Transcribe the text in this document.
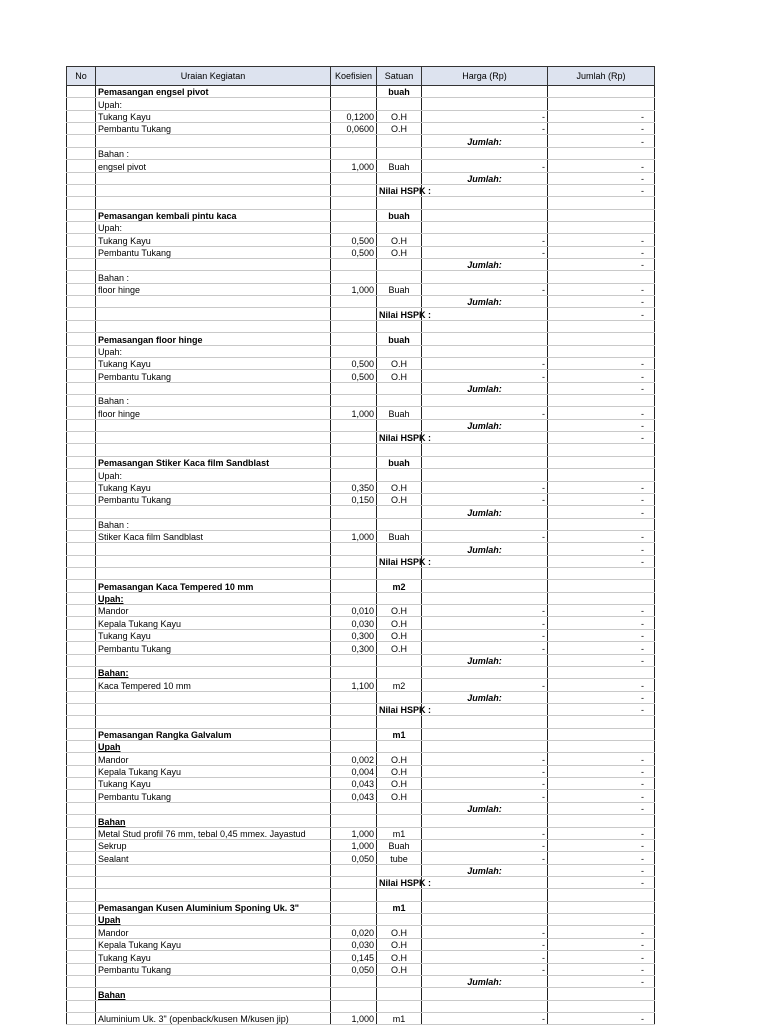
No	Uraian Kegiatan	Koefisien	Satuan	Harga (Rp)	Jumlah (Rp)
	Pemasangan engsel pivot		buah		
	Upah:				
	Tukang Kayu	0,1200	O.H	-	-
	Pembantu Tukang	0,0600	O.H	-	-
				Jumlah:	-
	Bahan :				
	engsel pivot	1,000	Buah	-	-
				Jumlah:	-
			Nilai HSPK :		-

	Pemasangan kembali pintu kaca		buah		
	Upah:				
	Tukang Kayu	0,500	O.H	-	-
	Pembantu Tukang	0,500	O.H	-	-
				Jumlah:	-
	Bahan :				
	floor hinge	1,000	Buah	-	-
				Jumlah:	-
			Nilai HSPK :		-

	Pemasangan floor hinge		buah		
	Upah:				
	Tukang Kayu	0,500	O.H	-	-
	Pembantu Tukang	0,500	O.H	-	-
				Jumlah:	-
	Bahan :				
	floor hinge	1,000	Buah	-	-
				Jumlah:	-
			Nilai HSPK :		-

	Pemasangan Stiker Kaca film Sandblast		buah		
	Upah:				
	Tukang Kayu	0,350	O.H	-	-
	Pembantu Tukang	0,150	O.H	-	-
				Jumlah:	-
	Bahan :				
	Stiker Kaca film Sandblast	1,000	Buah	-	-
				Jumlah:	-
			Nilai HSPK :		-

	Pemasangan Kaca Tempered 10 mm		m2		
	Upah:				
	Mandor	0,010	O.H	-	-
	Kepala Tukang Kayu	0,030	O.H	-	-
	Tukang Kayu	0,300	O.H	-	-
	Pembantu Tukang	0,300	O.H	-	-
				Jumlah:	-
	Bahan:				
	Kaca Tempered 10 mm	1,100	m2	-	-
				Jumlah:	-
			Nilai HSPK :		-

	Pemasangan Rangka Galvalum		m1		
	Upah				
	Mandor	0,002	O.H	-	-
	Kepala Tukang Kayu	0,004	O.H	-	-
	Tukang Kayu	0,043	O.H	-	-
	Pembantu Tukang	0,043	O.H	-	-
				Jumlah:	-
	Bahan				
	Metal Stud profil 76 mm, tebal 0,45 mmex. Jayastud	1,000	m1	-	-
	Sekrup	1,000	Buah	-	-
	Sealant	0,050	tube	-	-
				Jumlah:	-
			Nilai HSPK :		-

	Pemasangan Kusen Aluminium Sponing Uk. 3"		m1		
	Upah				
	Mandor	0,020	O.H	-	-
	Kepala Tukang Kayu	0,030	O.H	-	-
	Tukang Kayu	0,145	O.H	-	-
	Pembantu Tukang	0,050	O.H	-	-
				Jumlah:	-
	Bahan				

	Aluminium Uk. 3" (openback/kusen M/kusen jip)	1,000	m1	-	-
